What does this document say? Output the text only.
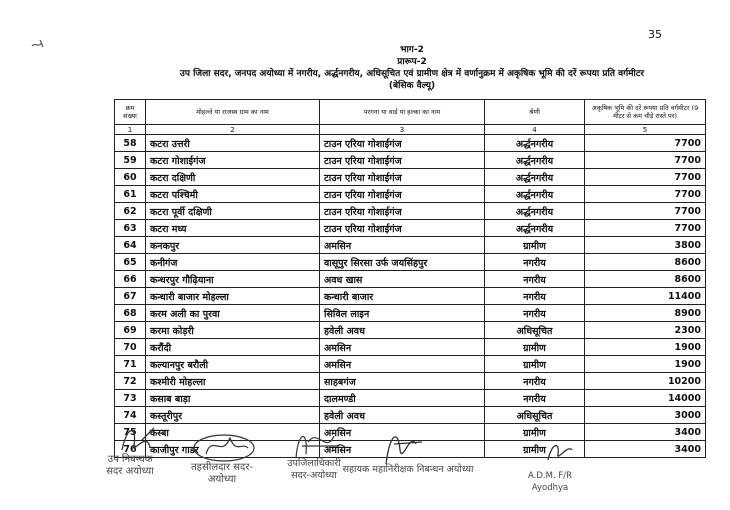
35
भाग-2
प्रारूप-2
उप जिला सदर, जनपद अयोध्या में नगरीय, अर्द्धनगरीय, अधिसूचित एवं ग्रामीण क्षेत्र में वर्णानुक्रम में अकृषिक भूमि की दरें रूपया प्रति वर्गमीटर
(बेसिक वैल्यू)
क्रम संख्या	मोहल्ले या राजस्व ग्राम का नाम	परगना या वार्ड या हल्का का नाम	श्रेणी	अकृषिक भूमि की दरें रूपया प्रति वर्गमीटर (9 मीटर से कम चौड़े रास्ते पर)
1	2	3	4	5
58	कटरा उत्तरी	टाउन एरिया गोशाईगंज	अर्द्धनगरीय	7700
59	कटरा गोशाईगंज	टाउन एरिया गोशाईगंज	अर्द्धनगरीय	7700
60	कटरा दक्षिणी	टाउन एरिया गोशाईगंज	अर्द्धनगरीय	7700
61	कटरा पश्चिमी	टाउन एरिया गोशाईगंज	अर्द्धनगरीय	7700
62	कटरा पूर्वी दक्षिणी	टाउन एरिया गोशाईगंज	अर्द्धनगरीय	7700
63	कटरा मध्य	टाउन एरिया गोशाईगंज	अर्द्धनगरीय	7700
64	कनकपुर	अमसिन	ग्रामीण	3800
65	कनीगंज	वासूपुर सिरसा उर्फ जयसिंहपुर	नगरीय	8600
66	कन्धरपुर गौढ़ियाना	अवध खास	नगरीय	8600
67	कन्धारी बाजार मोहल्ला	कन्धारी बाजार	नगरीय	11400
68	करम अली का पुरवा	सिविल लाइन	नगरीय	8900
69	करमा कोड़री	हवेली अवध	अधिसूचित	2300
70	करौंदी	अमसिन	ग्रामीण	1900
71	कल्यानपुर बरौली	अमसिन	ग्रामीण	1900
72	कश्मीरी मोहल्ला	साहबगंज	नगरीय	10200
73	कसाब बाड़ा	दालमण्डी	नगरीय	14000
74	कस्तूरीपुर	हवेली अवध	अधिसूचित	3000
75	कस्बा	अमसिन	ग्रामीण	3400
76	काजीपुर गाडर	अमसिन	ग्रामीण	3400
उप निबन्धक सदर अयोध्या	तहसीलदार सदर-अयोध्या
उपजिलाधिकारी सदर-अयोध्या
सहायक महानिरीक्षक निबन्धन अयोध्या
A.D.M. F/R Ayodhya
